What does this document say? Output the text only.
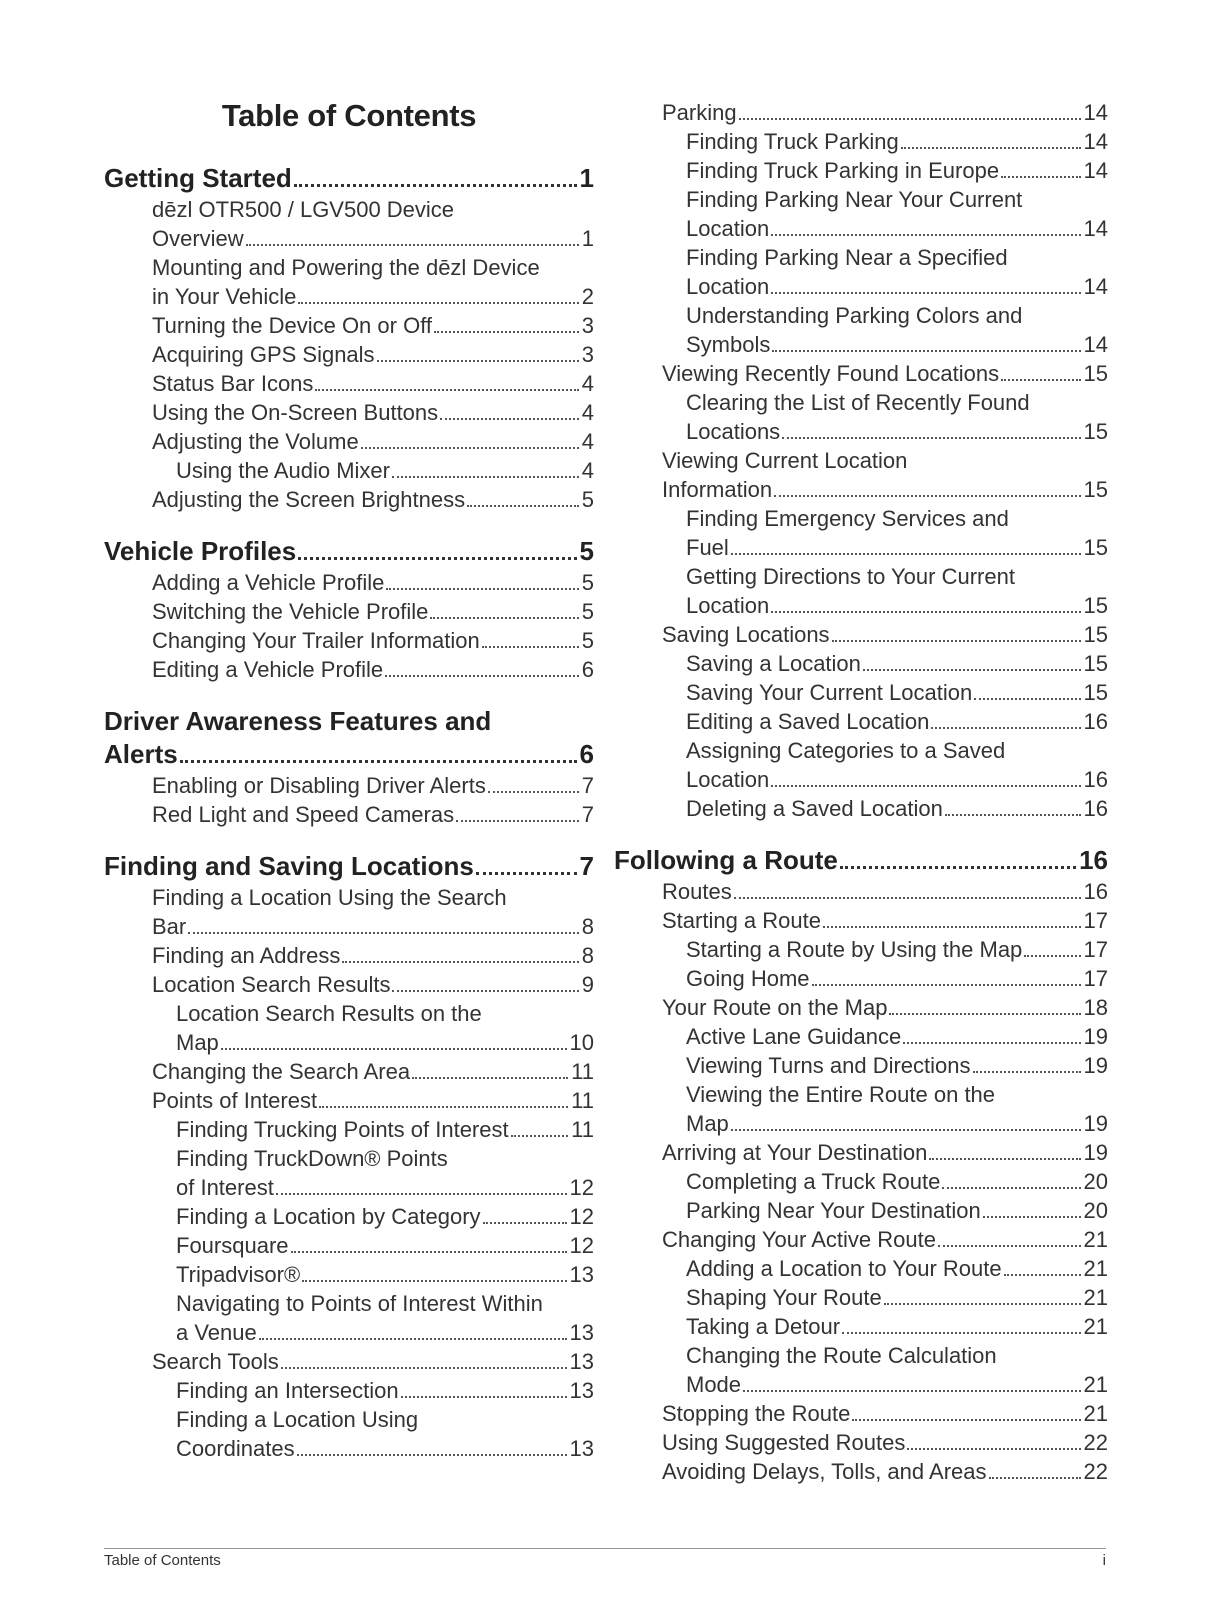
Table of Contents
Getting Started	1
dēzl OTR500 / LGV500 Device
Overview	1
Mounting and Powering the dēzl Device
in Your Vehicle	2
Turning the Device On or Off	3
Acquiring GPS Signals	3
Status Bar Icons	4
Using the On-Screen Buttons	4
Adjusting the Volume	4
Using the Audio Mixer	4
Adjusting the Screen Brightness	5
Vehicle Profiles	5
Adding a Vehicle Profile	5
Switching the Vehicle Profile	5
Changing Your Trailer Information	5
Editing a Vehicle Profile	6
Driver Awareness Features and
Alerts	6
Enabling or Disabling Driver Alerts	7
Red Light and Speed Cameras	7
Finding and Saving Locations	7
Finding a Location Using the Search
Bar	8
Finding an Address	8
Location Search Results	9
Location Search Results on the
Map	10
Changing the Search Area	11
Points of Interest	11
Finding Trucking Points of Interest	11
Finding TruckDown® Points
of Interest	12
Finding a Location by Category	12
Foursquare	12
Tripadvisor®	13
Navigating to Points of Interest Within
a Venue	13
Search Tools	13
Finding an Intersection	13
Finding a Location Using
Coordinates	13
Parking	14
Finding Truck Parking	14
Finding Truck Parking in Europe	14
Finding Parking Near Your Current
Location	14
Finding Parking Near a Specified
Location	14
Understanding Parking Colors and
Symbols	14
Viewing Recently Found Locations	15
Clearing the List of Recently Found
Locations	15
Viewing Current Location
Information	15
Finding Emergency Services and
Fuel	15
Getting Directions to Your Current
Location	15
Saving Locations	15
Saving a Location	15
Saving Your Current Location	15
Editing a Saved Location	16
Assigning Categories to a Saved
Location	16
Deleting a Saved Location	16
Following a Route	16
Routes	16
Starting a Route	17
Starting a Route by Using the Map	17
Going Home	17
Your Route on the Map	18
Active Lane Guidance	19
Viewing Turns and Directions	19
Viewing the Entire Route on the
Map	19
Arriving at Your Destination	19
Completing a Truck Route	20
Parking Near Your Destination	20
Changing Your Active Route	21
Adding a Location to Your Route	21
Shaping Your Route	21
Taking a Detour	21
Changing the Route Calculation
Mode	21
Stopping the Route	21
Using Suggested Routes	22
Avoiding Delays, Tolls, and Areas	22
Table of Contents	i
